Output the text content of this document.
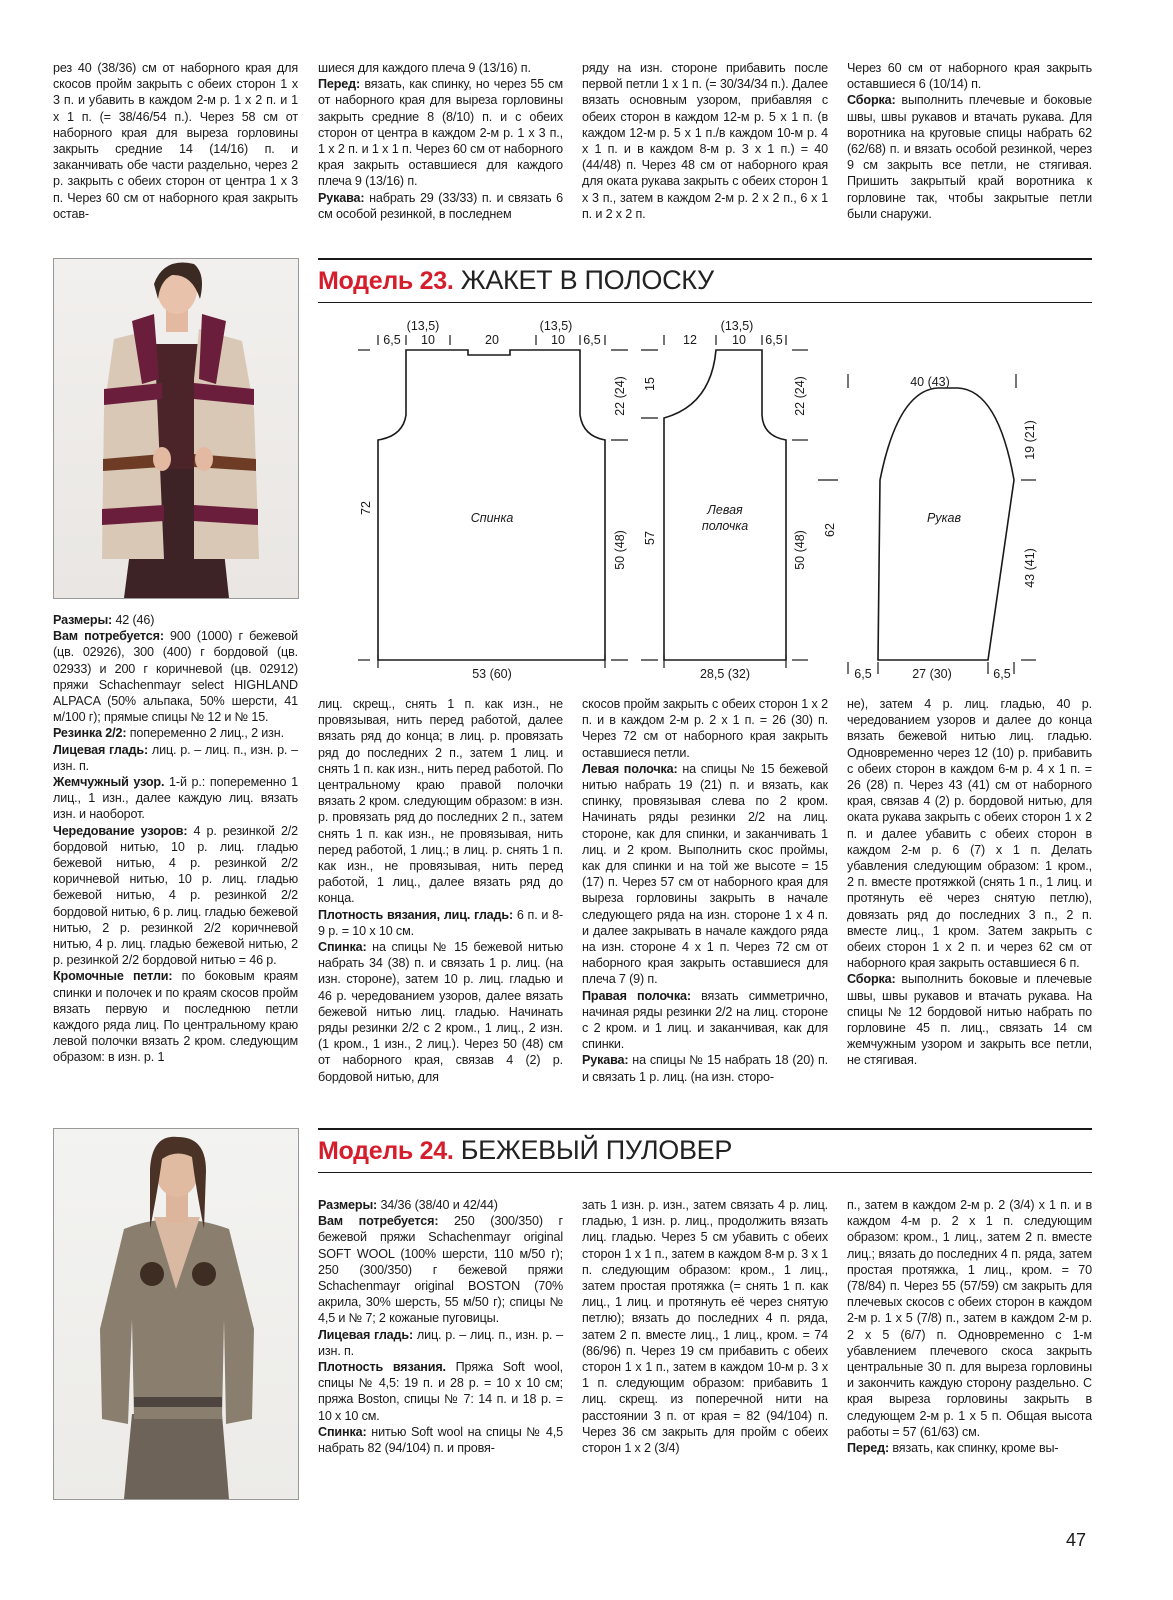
рез 40 (38/36) см от наборного края для скосов пройм закрыть с обеих сторон 1 х 3 п. и убавить в каждом 2-м р. 1 х 2 п. и 1 х 1 п. (= 38/46/54 п.). Через 58 см от наборного края для выреза горловины закрыть средние 14 (14/16) п. и заканчивать обе части раздельно, через 2 р. закрыть с обеих сторон от центра 1 х 3 п. Через 60 см от наборного края закрыть остав-

шиеся для каждого плеча 9 (13/16) п.

Перед: вязать, как спинку, но через 55 см от наборного края для выреза горловины закрыть средние 8 (8/10) п. и с обеих сторон от центра в каждом 2-м р. 1 х 3 п., 1 х 2 п. и 1 х 1 п. Через 60 см от наборного края закрыть оставшиеся для каждого плеча 9 (13/16) п.

Рукава: набрать 29 (33/33) п. и связать 6 см особой резинкой, в последнем

ряду на изн. стороне прибавить после первой петли 1 х 1 п. (= 30/34/34 п.). Далее вязать основным узором, прибавляя с обеих сторон в каждом 12-м р. 5 х 1 п. (в каждом 12-м р. 5 х 1 п./в каждом 10-м р. 4 х 1 п. и в каждом 8-м р. 3 х 1 п.) = 40 (44/48) п. Через 48 см от наборного края для оката рукава закрыть с обеих сторон 1 х 3 п., затем в каждом 2-м р. 2 х 2 п., 6 х 1 п. и 2 х 2 п.

Через 60 см от наборного края закрыть оставшиеся 6 (10/14) п.

Сборка: выполнить плечевые и боковые швы, швы рукавов и втачать рукава. Для воротника на круговые спицы набрать 62 (62/68) п. и вязать особой резинкой, через 9 см закрыть все петли, не стягивая. Пришить закрытый край воротника к горловине так, чтобы закрытые петли были снаружи.

Модель 23. ЖАКЕТ В ПОЛОСКУ
6,5
(13,5)
10	20
(13,5)
10 6,5
Спинка
53 (60)
72
22 (24)
50 (48)
12
(13,5)
10 6,5
Левая
полочка
28,5 (32)
15
57
22 (24)
50 (48)
40 (43)
Рукав
19 (21)
43 (41)
62
6,5	27 (30)	6,5

Размеры: 42 (46)

Вам потребуется: 900 (1000) г бежевой (цв. 02926), 300 (400) г бордовой (цв. 02933) и 200 г коричневой (цв. 02912) пряжи Schachenmayr select HIGHLAND ALPACA (50% альпака, 50% шерсти, 41 м/100 г); прямые спицы № 12 и № 15.

Резинка 2/2: попеременно 2 лиц., 2 изн.

Лицевая гладь: лиц. р. – лиц. п., изн. р. – изн. п.

Жемчужный узор. 1-й р.: попеременно 1 лиц., 1 изн., далее каждую лиц. вязать изн. и наоборот.

Чередование узоров: 4 р. резинкой 2/2 бордовой нитью, 10 р. лиц. гладью бежевой нитью, 4 р. резинкой 2/2 коричневой нитью, 10 р. лиц. гладью бежевой нитью, 4 р. резинкой 2/2 бордовой нитью, 6 р. лиц. гладью бежевой нитью, 2 р. резинкой 2/2 коричневой нитью, 4 р. лиц. гладью бежевой нитью, 2 р. резинкой 2/2 бордовой нитью = 46 р.

Кромочные петли: по боковым краям спинки и полочек и по краям скосов пройм вязать первую и последнюю петли каждого ряда лиц. По центральному краю левой полочки вязать 2 кром. следующим образом: в изн. р. 1

лиц. скрещ., снять 1 п. как изн., не провязывая, нить перед работой, далее вязать ряд до конца; в лиц. р. провязать ряд до последних 2 п., затем 1 лиц. и снять 1 п. как изн., нить перед работой. По центральному краю правой полочки вязать 2 кром. следующим образом: в изн. р. провязать ряд до последних 2 п., затем снять 1 п. как изн., не провязывая, нить перед работой, 1 лиц.; в лиц. р. снять 1 п. как изн., не провязывая, нить перед работой, 1 лиц., далее вязать ряд до конца.

Плотность вязания, лиц. гладь: 6 п. и 8-9 р. = 10 х 10 см.

Спинка: на спицы № 15 бежевой нитью набрать 34 (38) п. и связать 1 р. лиц. (на изн. стороне), затем 10 р. лиц. гладью и 46 р. чередованием узоров, далее вязать бежевой нитью лиц. гладью. Начинать ряды резинки 2/2 с 2 кром., 1 лиц., 2 изн. (1 кром., 1 изн., 2 лиц.). Через 50 (48) см от наборного края, связав 4 (2) р. бордовой нитью, для

скосов пройм закрыть с обеих сторон 1 х 2 п. и в каждом 2-м р. 2 х 1 п. = 26 (30) п. Через 72 см от наборного края закрыть оставшиеся петли.

Левая полочка: на спицы № 15 бежевой нитью набрать 19 (21) п. и вязать, как спинку, провязывая слева по 2 кром. Начинать ряды резинки 2/2 на лиц. стороне, как для спинки, и заканчивать 1 лиц. и 2 кром. Выполнить скос проймы, как для спинки и на той же высоте = 15 (17) п. Через 57 см от наборного края для выреза горловины закрыть в начале следующего ряда на изн. стороне 1 х 4 п. и далее закрывать в начале каждого ряда на изн. стороне 4 х 1 п. Через 72 см от наборного края закрыть оставшиеся для плеча 7 (9) п.

Правая полочка: вязать симметрично, начиная ряды резинки 2/2 на лиц. стороне с 2 кром. и 1 лиц. и заканчивая, как для спинки.

Рукава: на спицы № 15 набрать 18 (20) п. и связать 1 р. лиц. (на изн. сторо-

не), затем 4 р. лиц. гладью, 40 р. чередованием узоров и далее до конца вязать бежевой нитью лиц. гладью. Одновременно через 12 (10) р. прибавить с обеих сторон в каждом 6-м р. 4 х 1 п. = 26 (28) п. Через 43 (41) см от наборного края, связав 4 (2) р. бордовой нитью, для оката рукава закрыть с обеих сторон 1 х 2 п. и далее убавить с обеих сторон в каждом 2-м р. 6 (7) х 1 п. Делать убавления следующим образом: 1 кром., 2 п. вместе протяжкой (снять 1 п., 1 лиц. и протянуть её через снятую петлю), довязать ряд до последних 3 п., 2 п. вместе лиц., 1 кром. Затем закрыть с обеих сторон 1 х 2 п. и через 62 см от наборного края закрыть оставшиеся 6 п.

Сборка: выполнить боковые и плечевые швы, швы рукавов и втачать рукава. На спицы № 12 бордовой нитью набрать по горловине 45 п. лиц., связать 14 см жемчужным узором и закрыть все петли, не стягивая.

Модель 24. БЕЖЕВЫЙ ПУЛОВЕР

Размеры: 34/36 (38/40 и 42/44)

Вам потребуется: 250 (300/350) г бежевой пряжи Schachenmayr original SOFT WOOL (100% шерсти, 110 м/50 г); 250 (300/350) г бежевой пряжи Schachenmayr original BOSTON (70% акрила, 30% шерсть, 55 м/50 г); спицы № 4,5 и № 7; 2 кожаные пуговицы.

Лицевая гладь: лиц. р. – лиц. п., изн. р. – изн. п.

Плотность вязания. Пряжа Soft wool, спицы № 4,5: 19 п. и 28 р. = 10 х 10 см; пряжа Boston, спицы № 7: 14 п. и 18 р. = 10 х 10 см.

Спинка: нитью Soft wool на спицы № 4,5 набрать 82 (94/104) п. и провя-

зать 1 изн. р. изн., затем связать 4 р. лиц. гладью, 1 изн. р. лиц., продолжить вязать лиц. гладью. Через 5 см убавить с обеих сторон 1 х 1 п., затем в каждом 8-м р. 3 х 1 п. следующим образом: кром., 1 лиц., затем простая протяжка (= снять 1 п. как лиц., 1 лиц. и протянуть её через снятую петлю); вязать до последних 4 п. ряда, затем 2 п. вместе лиц., 1 лиц., кром. = 74 (86/96) п. Через 19 см прибавить с обеих сторон 1 х 1 п., затем в каждом 10-м р. 3 х 1 п. следующим образом: прибавить 1 лиц. скрещ. из поперечной нити на расстоянии 3 п. от края = 82 (94/104) п. Через 36 см закрыть для пройм с обеих сторон 1 х 2 (3/4)

п., затем в каждом 2-м р. 2 (3/4) х 1 п. и в каждом 4-м р. 2 х 1 п. следующим образом: кром., 1 лиц., затем 2 п. вместе лиц.; вязать до последних 4 п. ряда, затем простая протяжка, 1 лиц., кром. = 70 (78/84) п. Через 55 (57/59) см закрыть для плечевых скосов с обеих сторон в каждом 2-м р. 1 х 5 (7/8) п., затем в каждом 2-м р. 2 х 5 (6/7) п. Одновременно с 1-м убавлением плечевого скоса закрыть центральные 30 п. для выреза горловины и закончить каждую сторону раздельно. С края выреза горловины закрыть в следующем 2-м р. 1 х 5 п. Общая высота работы = 57 (61/63) см.

Перед: вязать, как спинку, кроме вы-

47
